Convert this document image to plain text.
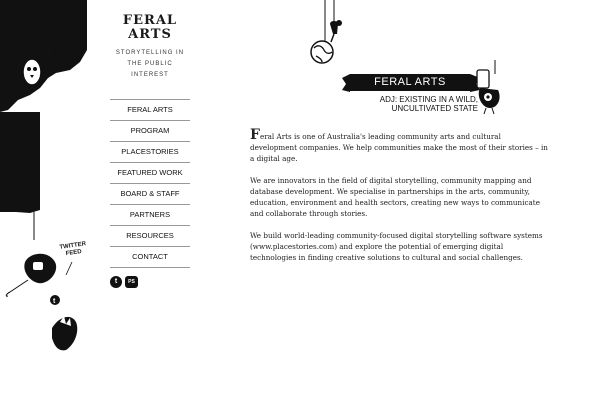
1
0
0
0 1 0 1 0
1 1 0 1 1
t
TWITTER
FEED
FERAL ARTS
STORYTELLING IN THE PUBLIC INTEREST
FERAL ARTS
PROGRAM
PLACESTORIES
FEATURED WORK
BOARD & STAFF
PARTNERS
RESOURCES
CONTACT
t	PS
FERAL ARTS
ADJ: EXISTING IN A WILD, UNCULTIVATED STATE

Feral Arts is one of Australia's leading community arts and cultural development companies. We help communities make the most of their stories – in a digital age.

We are innovators in the field of digital storytelling, community mapping and database development. We specialise in partnerships in the arts, community, education, environment and health sectors, creating new ways to communicate and collaborate through stories.

We build world-leading community-focused digital storytelling software systems (www.placestories.com) and explore the potential of emerging digital technologies in finding creative solutions to cultural and social challenges.
